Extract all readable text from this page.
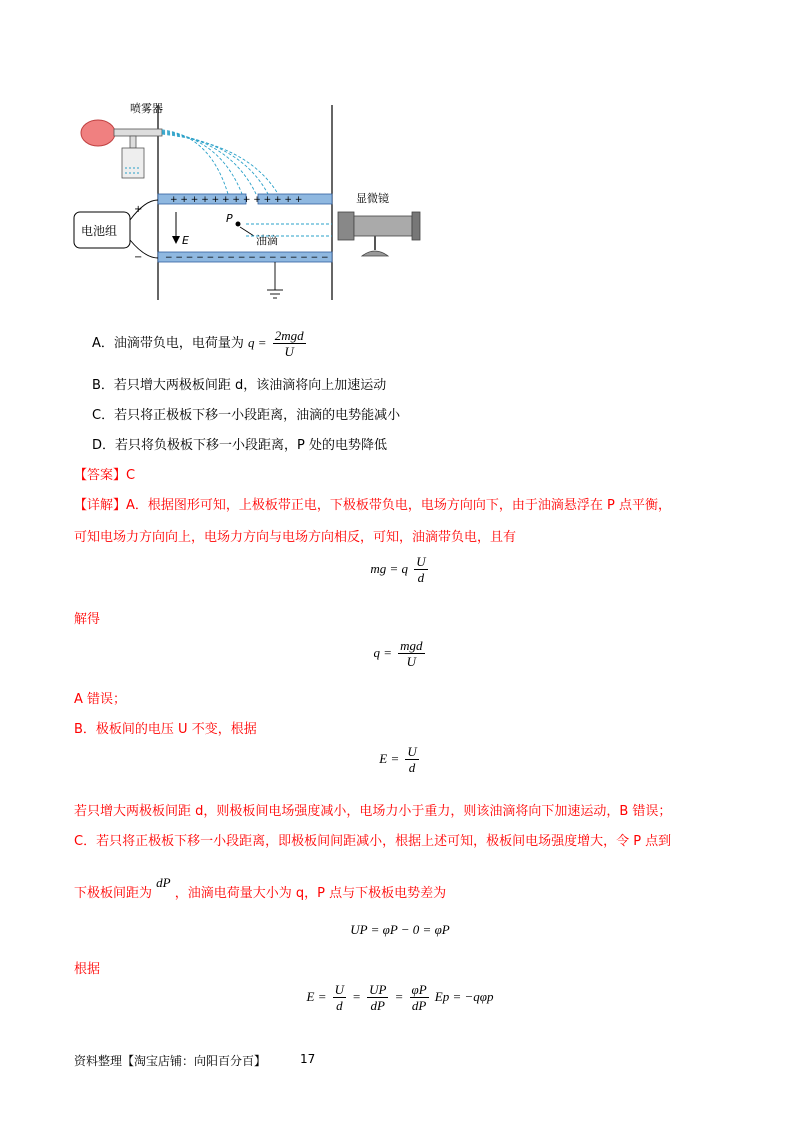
喷雾器
+ + + + + + + + + + + + +
− − − − − − − − − − − − − − − −
电池组
+
−
E
P
油滴
显微镜
A．油滴带负电，电荷量为 $q = \frac{\text{2mgd}}{U}$
B．若只增大两极板间距 d，该油滴将向上加速运动
C．若只将正极板下移一小段距离，油滴的电势能减小
D．若只将负极板下移一小段距离，P 处的电势降低
【答案】C
【详解】A．根据图形可知，上极板带正电，下极板带负电，电场方向向下，由于油滴悬浮在 P 点平衡，
可知电场力方向向上，电场力方向与电场方向相反，可知，油滴带负电，且有
mg = q $\frac{U}{d}$
解得
$q = \frac{\text{mgd}}{U}$
A 错误；
B．极板间的电压 U 不变，根据
$E = \frac{U}{d}$
若只增大两极板间距 d，则极板间电场强度减小，电场力小于重力，则该油滴将向下加速运动，B 错误；
C．若只将正极板下移一小段距离，即极板间间距减小，根据上述可知，极板间电场强度增大，令 P 点到
下极板间距为 dP ，油滴电荷量大小为 q，P 点与下极板电势差为
UP = φP − 0 = φP
根据
$E = \frac{U}{d} = \frac{UP}{dP} = \frac{\varphi P}{dP}$ Ep = −qφp
资料整理【淘宝店铺：向阳百分百】	17
